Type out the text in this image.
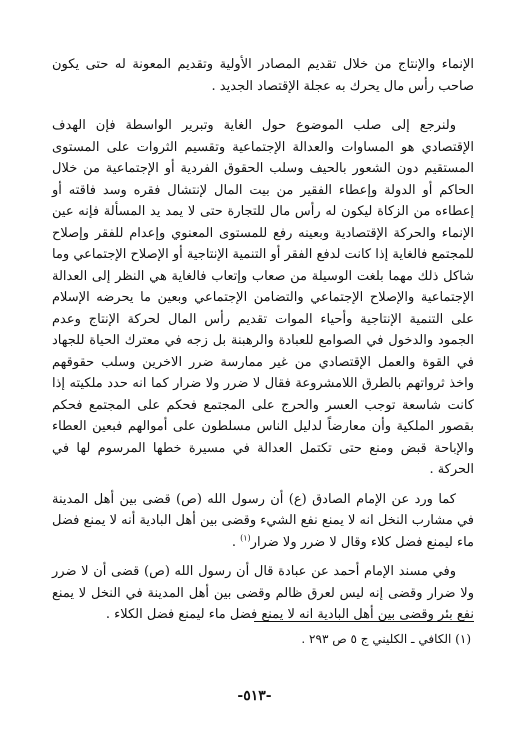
الإنماء والإنتاج من خلال تقديم المصادر الأولية وتقديم المعونة له حتى يكون صاحب رأس مال يحرك به عجلة الإقتصاد الجديد .

ولنرجع إلى صلب الموضوع حول الغاية وتبرير الواسطة فإن الهدف الإقتصادي هو المساوات والعدالة الإجتماعية وتقسيم الثروات على المستوى المستقيم دون الشعور بالحيف وسلب الحقوق الفردية أو الإجتماعية من خلال الحاكم أو الدولة وإعطاء الفقير من بيت المال لإنتشال فقره وسد فاقته أو إعطاءه من الزكاة ليكون له رأس مال للتجارة حتى لا يمد يد المسألة فإنه عين الإنماء والحركة الإقتصادية وبعينه رفع للمستوى المعنوي وإعدام للفقر وإصلاح للمجتمع فالغاية إذا كانت لدفع الفقر أو التنمية الإنتاجية أو الإصلاح الإجتماعي وما شاكل ذلك مهما بلغت الوسيلة من صعاب وإتعاب فالغاية هي النظر إلى العدالة الإجتماعية والإصلاح الإجتماعي والتضامن الإجتماعي وبعين ما يحرضه الإسلام على التنمية الإنتاجية وأحياء الموات تقديم رأس المال لحركة الإنتاج وعدم الجمود والدخول في الصوامع للعبادة والرهبنة بل زجه في معترك الحياة للجهاد في القوة والعمل الإقتصادي من غير ممارسة ضرر الاخرين وسلب حقوقهم واخذ ثرواتهم بالطرق اللامشروعة فقال لا ضرر ولا ضرار كما انه حدد ملكيته إذا كانت شاسعة توجب العسر والحرج على المجتمع فحكم على المجتمع فحكم بقصور الملكية وأن معارضاً لدليل الناس مسلطون على أموالهم فبعين العطاء والإباحة قبض ومنع حتى تكتمل العدالة في مسيرة خطها المرسوم لها في الحركة .

كما ورد عن الإمام الصادق (ع) أن رسول الله (ص) قضى بين أهل المدينة في مشارب النخل انه لا يمنع نفع الشيء وقضى بين أهل البادية أنه لا يمنع فضل ماء ليمنع فضل كلاء وقال لا ضرر ولا ضرار$^{(١)}$ .

وفي مسند الإمام أحمد عن عبادة قال أن رسول الله (ص) قضى أن لا ضرر ولا ضرار وقضى إنه ليس لعرق ظالم وقضى بين أهل المدينة في النخل لا يمنع نفع بئر وقضى بين أهل البادية انه لا يمنع فضل ماء ليمنع فضل الكلاء .

(١) الكافي ـ الكليني ج ٥ ص ٢٩٣ .

-٥١٣-
